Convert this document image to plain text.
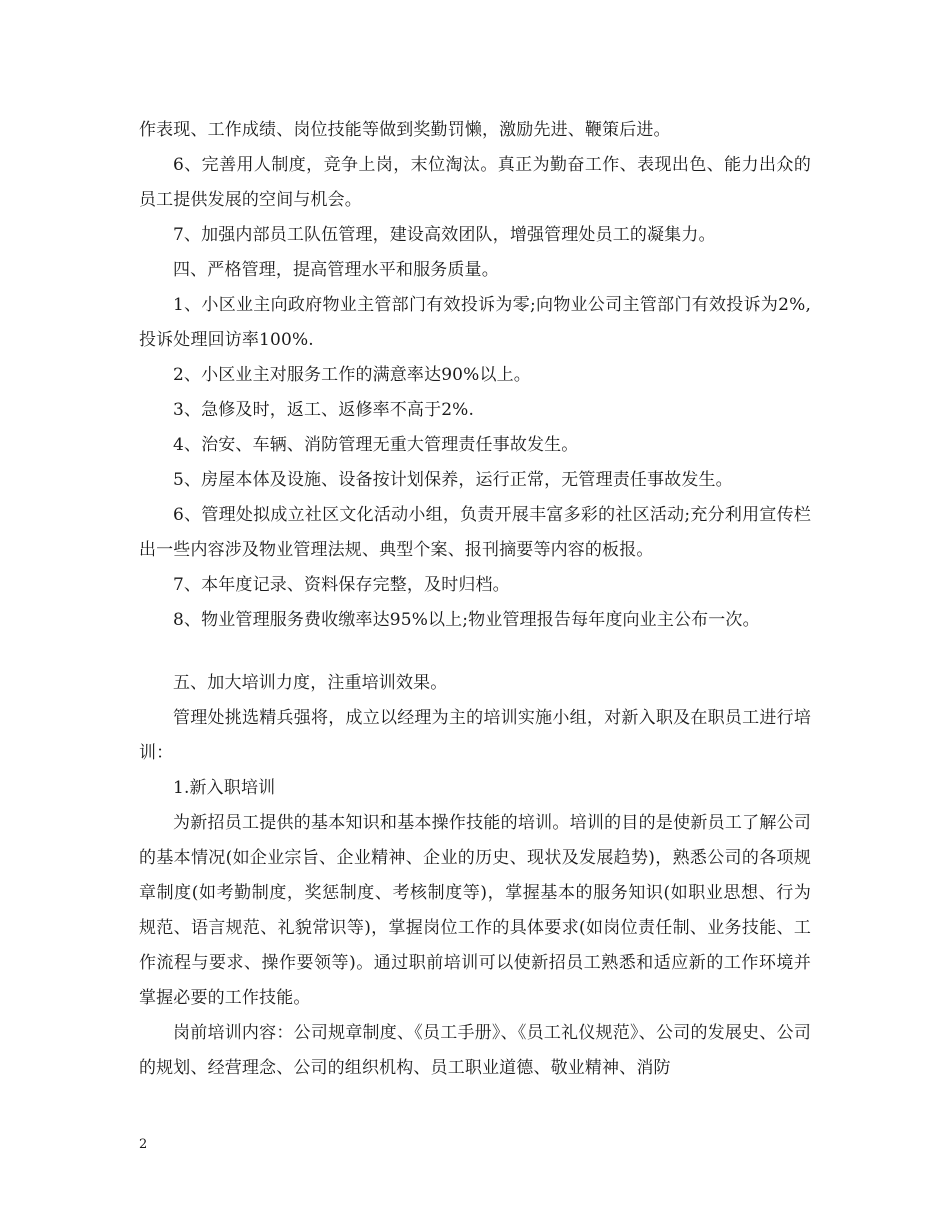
作表现、工作成绩、岗位技能等做到奖勤罚懒，激励先进、鞭策后进。

6、完善用人制度，竞争上岗，末位淘汰。真正为勤奋工作、表现出色、能力出众的员工提供发展的空间与机会。

7、加强内部员工队伍管理，建设高效团队，增强管理处员工的凝集力。

四、严格管理，提高管理水平和服务质量。

1、小区业主向政府物业主管部门有效投诉为零;向物业公司主管部门有效投诉为2%,投诉处理回访率100%.

2、小区业主对服务工作的满意率达90%以上。

3、急修及时，返工、返修率不高于2%.

4、治安、车辆、消防管理无重大管理责任事故发生。

5、房屋本体及设施、设备按计划保养，运行正常，无管理责任事故发生。

6、管理处拟成立社区文化活动小组，负责开展丰富多彩的社区活动;充分利用宣传栏出一些内容涉及物业管理法规、典型个案、报刊摘要等内容的板报。

7、本年度记录、资料保存完整，及时归档。

8、物业管理服务费收缴率达95%以上;物业管理报告每年度向业主公布一次。

五、加大培训力度，注重培训效果。

管理处挑选精兵强将，成立以经理为主的培训实施小组，对新入职及在职员工进行培训：

1.新入职培训

为新招员工提供的基本知识和基本操作技能的培训。培训的目的是使新员工了解公司的基本情况(如企业宗旨、企业精神、企业的历史、现状及发展趋势)，熟悉公司的各项规章制度(如考勤制度，奖惩制度、考核制度等)，掌握基本的服务知识(如职业思想、行为规范、语言规范、礼貌常识等)，掌握岗位工作的具体要求(如岗位责任制、业务技能、工作流程与要求、操作要领等)。通过职前培训可以使新招员工熟悉和适应新的工作环境并掌握必要的工作技能。

岗前培训内容：公司规章制度、《员工手册》、《员工礼仪规范》、公司的发展史、公司的规划、经营理念、公司的组织机构、员工职业道德、敬业精神、消防

2
